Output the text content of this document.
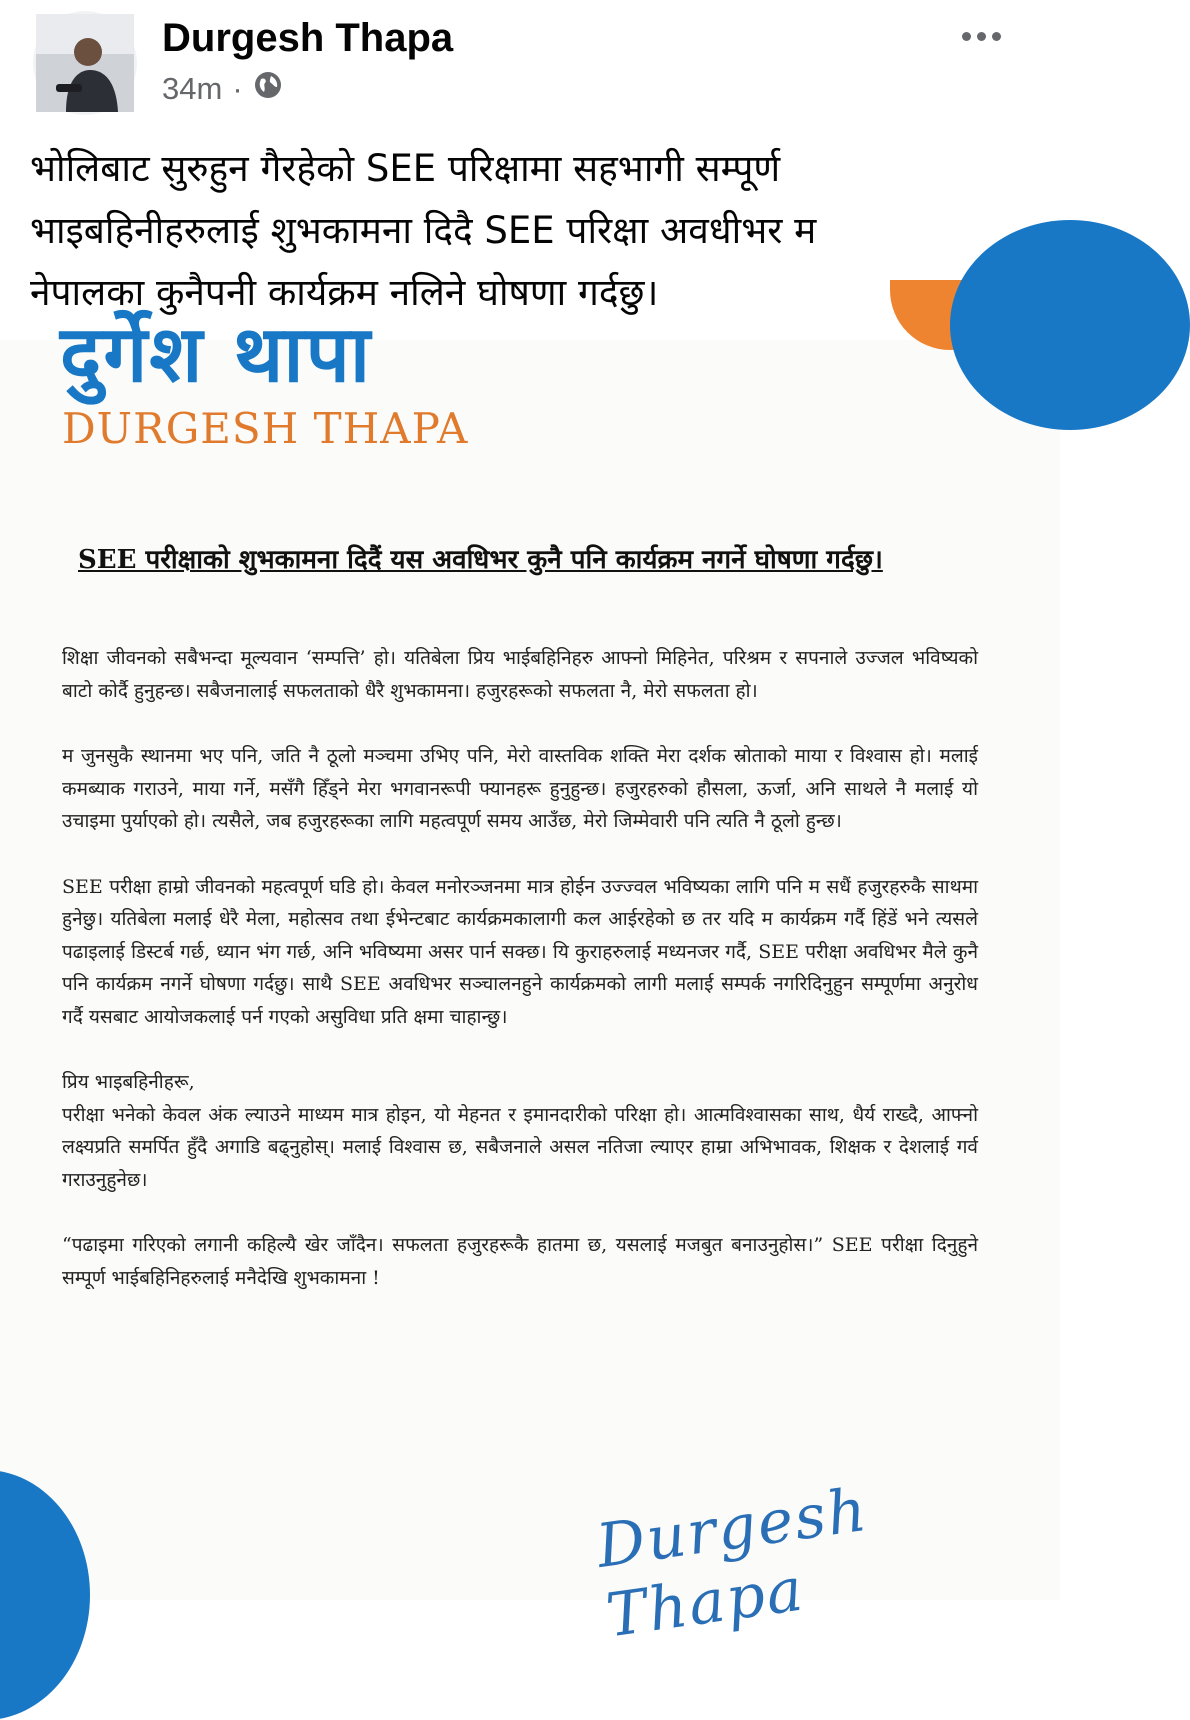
Durgesh Thapa
34m ·

भोलिबाट सुरुहुन गैरहेको SEE परिक्षामा सहभागी सम्पूर्ण

भाइबहिनीहरुलाई शुभकामना दिदै SEE परिक्षा अवधीभर म

नेपालका कुनैपनी कार्यक्रम नलिने घोषणा गर्दछु।

दुर्गेश थापा
DURGESH THAPA
SEE परीक्षाको शुभकामना दिदैं यस अवधिभर कुनै पनि कार्यक्रम नगर्ने घोषणा गर्दछु।

शिक्षा जीवनको सबैभन्दा मूल्यवान ‘सम्पत्ति’ हो। यतिबेला प्रिय भाईबहिनिहरु आफ्नो मिहिनेत, परिश्रम र सपनाले उज्जल भविष्यको बाटो कोर्दै हुनुहन्छ। सबैजनालाई सफलताको धैरै शुभकामना। हजुरहरूको सफलता नै, मेरो सफलता हो।

म जुनसुकै स्थानमा भए पनि, जति नै ठूलो मञ्चमा उभिए पनि, मेरो वास्तविक शक्ति मेरा दर्शक स्रोताको माया र विश्वास हो। मलाई कमब्याक गराउने, माया गर्ने, मसँगै हिँड्ने मेरा भगवानरूपी फ्यानहरू हुनुहुन्छ। हजुरहरुको हौसला, ऊर्जा, अनि साथले नै मलाई यो उचाइमा पुर्याएको हो। त्यसैले, जब हजुरहरूका लागि महत्वपूर्ण समय आउँछ, मेरो जिम्मेवारी पनि त्यति नै ठूलो हुन्छ।

SEE परीक्षा हाम्रो जीवनको महत्वपूर्ण घडि हो। केवल मनोरञ्जनमा मात्र होईन उज्ज्वल भविष्यका लागि पनि म सधैं हजुरहरुकै साथमा हुनेछु। यतिबेला मलाई धेरै मेला, महोत्सव तथा ईभेन्टबाट कार्यक्रमकालागी कल आईरहेको छ तर यदि म कार्यक्रम गर्दै हिंडें भने त्यसले पढाइलाई डिस्टर्ब गर्छ, ध्यान भंग गर्छ, अनि भविष्यमा असर पार्न सक्छ। यि कुराहरुलाई मध्यनजर गर्दै, SEE परीक्षा अवधिभर मैले कुनै पनि कार्यक्रम नगर्ने घोषणा गर्दछु। साथै SEE अवधिभर सञ्चालनहुने कार्यक्रमको लागी मलाई सम्पर्क नगरिदिनुहुन सम्पूर्णमा अनुरोध गर्दै यसबाट आयोजकलाई पर्न गएको असुविधा प्रति क्षमा चाहान्छु।

प्रिय भाइबहिनीहरू,

परीक्षा भनेको केवल अंक ल्याउने माध्यम मात्र होइन, यो मेहनत र इमानदारीको परिक्षा हो। आत्मविश्वासका साथ, धैर्य राख्दै, आफ्नो लक्ष्यप्रति समर्पित हुँदै अगाडि बढ्नुहोस्। मलाई विश्वास छ, सबैजनाले असल नतिजा ल्याएर हाम्रा अभिभावक, शिक्षक र देशलाई गर्व गराउनुहुनेछ।

“पढाइमा गरिएको लगानी कहिल्यै खेर जाँदैन। सफलता हजुरहरूकै हातमा छ, यसलाई मजबुत बनाउनुहोस।” SEE परीक्षा दिनुहुने सम्पूर्ण भाईबहिनिहरुलाई मनैदेखि शुभकामना !

Durgesh Thapa
